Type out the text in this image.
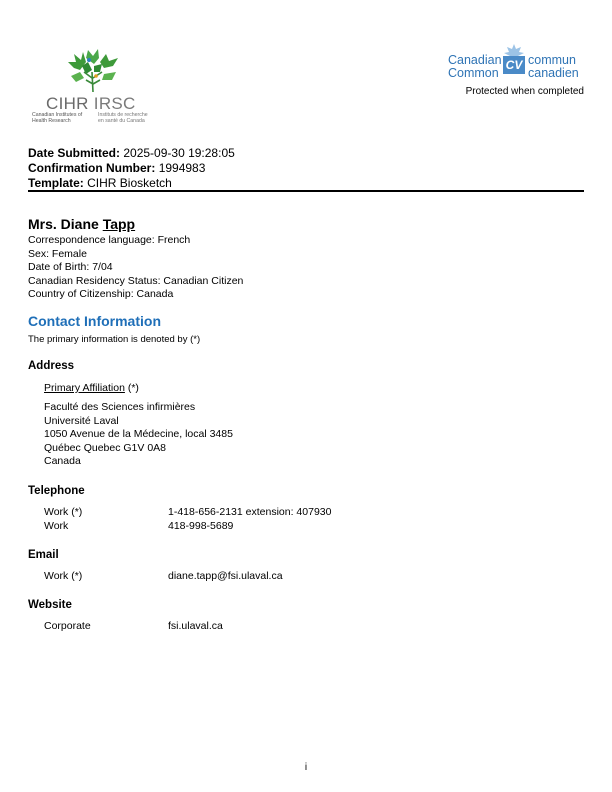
CIHR IRSC
Canadian Institutes of
Health Research
Instituts de recherche
en santé du Canada
Canadian
Common
CV commun
canadien
Protected when completed
Date Submitted: 2025-09-30 19:28:05
Confirmation Number: 1994983
Template: CIHR Biosketch
Mrs. Diane Tapp
Correspondence language: French
Sex: Female
Date of Birth: 7/04
Canadian Residency Status: Canadian Citizen
Country of Citizenship: Canada
Contact Information
The primary information is denoted by (*)
Address
Primary Affiliation (*)
Faculté des Sciences infirmières
Université Laval
1050 Avenue de la Médecine, local 3485
Québec Quebec G1V 0A8
Canada
Telephone
Work (*)	1-418-656-2131 extension: 407930
Work	418-998-5689
Email
Work (*)	diane.tapp@fsi.ulaval.ca
Website
Corporate	fsi.ulaval.ca
i
